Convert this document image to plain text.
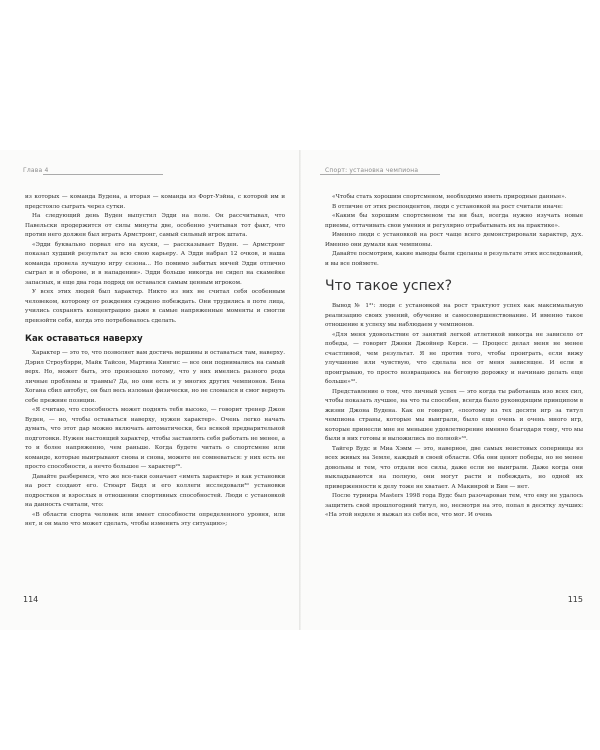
Глава 4

из которых — команда Вудена, а вторая — команда из Форт-Уэйна, с которой им и предстояло сыграть через сутки.

На следующий день Вуден выпустил Эдди на поле. Он рассчитывал, что Павельски продержится от силы минуты две, особенно учитывая тот факт, что против него должен был играть Армстронг, самый сильный игрок штата.

«Эдди буквально порвал его на куски, — рассказывает Вуден. — Армстронг показал худший результат за всю свою карьеру. А Эдди набрал 12 очков, и наша команда провела лучшую игру сезона... Но помимо забитых мячей Эдди отлично сыграл и в обороне, и в нападении». Эдди больше никогда не сидел на скамейке запасных, и еще два года подряд он оставался самым ценным игроком.

У всех этих людей был характер. Никто из них не считал себя особенным человеком, которому от рождения суждено побеждать. Они трудились в поте лица, учились сохранять концентрацию даже в самые напряженные моменты и смогли превзойти себя, когда это потребовалось сделать.

Как оставаться наверху

Характер — это то, что позволяет вам достичь вершины и оставаться там, наверху. Дэрил Строубэрри, Майк Тайсон, Мартина Хингис — все они поднимались на самый верх. Но, может быть, это произошло потому, что у них имелись разного рода личные проблемы и травмы? Да, но они есть и у многих других чемпионов. Бена Хогана сбил автобус, он был весь изломан физически, но не сломался и смог вернуть себе прежние позиции.

«Я считаю, что способность может поднять тебя высоко, — говорит тренер Джон Вуден, — но, чтобы оставаться наверху, нужен характер». Очень легко начать думать, что этот дар можно включать автоматически, без всякой предварительной подготовки. Нужен настоящий характер, чтобы заставлять себя работать не менее, а то и более напряженно, чем раньше. Когда будете читать о спортсмене или команде, которые выигрывают снова и снова, можете не сомневаться: у них есть не просто способности, а нечто большее — характер²⁹.

Давайте разберемся, что же все-таки означает «иметь характер» и как установки на рост создают его. Стюарт Бидл и его коллеги исследовали³⁰ установки подростков и взрослых в отношении спортивных способностей. Люди с установкой на данность считали, что:

«В области спорта человек или имеет способности определенного уровня, или нет, и он мало что может сделать, чтобы изменить эту ситуацию»;

114
Спорт: установка чемпиона

«Чтобы стать хорошим спортсменом, необходимо иметь природные данные».

В отличие от этих респондентов, люди с установкой на рост считали иначе:

«Каким бы хорошим спортсменом ты ни был, всегда нужно изучать новые приемы, оттачивать свои умения и регулярно отрабатывать их на практике».

Именно люди с установкой на рост чаще всего демонстрировали характер, дух. Именно они думали как чемпионы.

Давайте посмотрим, какие выводы были сделаны в результате этих исследований, и вы все поймете.

Что такое успех?

Вывод № 1³¹: люди с установкой на рост трактуют успех как максимальную реализацию своих умений, обучение и самосовершенствование. И именно такое отношение к успеху мы наблюдаем у чемпионов.

«Для меня удовольствие от занятий легкой атлетикой никогда не зависело от победы, — говорит Джеки Джойнер Керси. — Процесс делал меня не менее счастливой, чем результат. Я не против того, чтобы проиграть, если вижу улучшение или чувствую, что сделала все от меня зависящее. И если я проигрываю, то просто возвращаюсь на беговую дорожку и начинаю делать еще больше»³².

Представление о том, что личный успех — это когда ты работаешь изо всех сил, чтобы показать лучшее, на что ты способен, всегда было руководящим принципом в жизни Джона Вудена. Как он говорит, «поэтому из тех десяти игр за титул чемпиона страны, которые мы выиграли, было еще очень и очень много игр, которые принесли мне не меньшее удовлетворение именно благодаря тому, что мы были в них готовы и выложились по полной»³³.

Тайгер Вудс и Миа Хэмм — это, наверное, две самых неистовых соперницы из всех живых на Земле, каждый в своей области. Оба они ценят победы, но не менее довольны и тем, что отдали все силы, даже если не выиграли. Даже когда они выкладываются на полную, они могут расти и побеждать, но одной их приверженности к делу тоже не хватает. А Макинрой и Бин — нет.

После турнира Masters 1998 года Вудс был разочарован тем, что ему не удалось защитить свой прошлогодний титул, но, несмотря на это, попал в десятку лучших: «На этой неделе я выжал из себя все, что мог. И очень

115
